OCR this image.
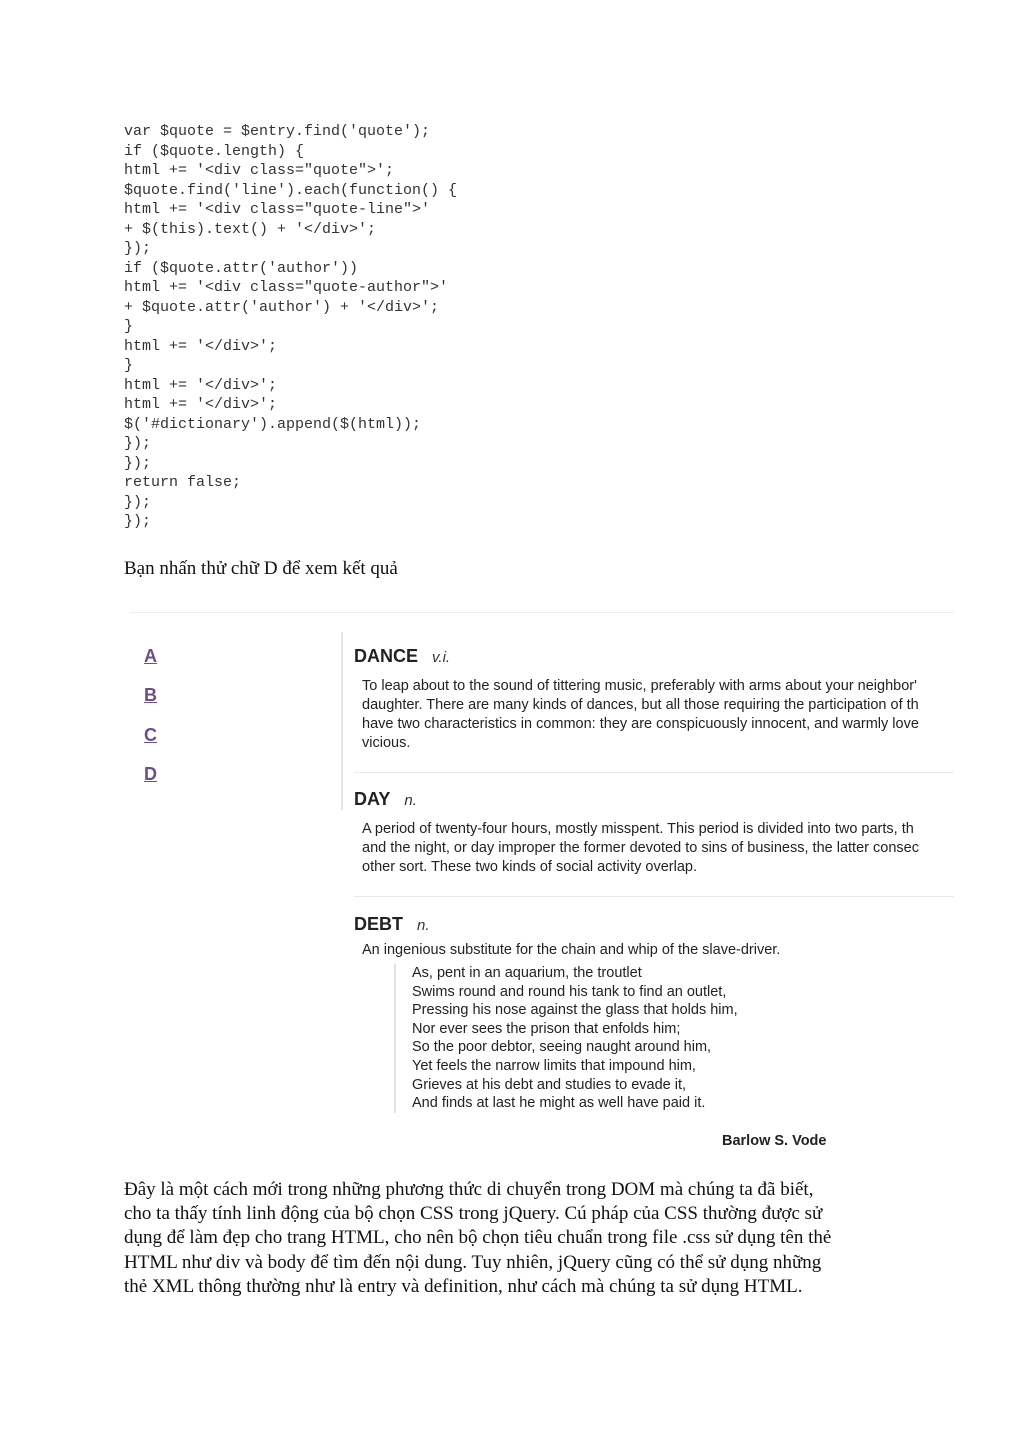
var $quote = $entry.find('quote');
if ($quote.length) {
html += '<div class="quote">';
$quote.find('line').each(function() {
html += '<div class="quote-line">'
+ $(this).text() + '</div>';
});
if ($quote.attr('author'))
html += '<div class="quote-author">'
+ $quote.attr('author') + '</div>';
}
html += '</div>';
}
html += '</div>';
html += '</div>';
$('#dictionary').append($(html));
});
});
return false;
});
});

Bạn nhấn thử chữ D để xem kết quả

A
B
C
D

DANCE v.i.

To leap about to the sound of tittering music, preferably with arms about your neighbor'
daughter. There are many kinds of dances, but all those requiring the participation of th
have two characteristics in common: they are conspicuously innocent, and warmly love
vicious.

DAY n.

A period of twenty-four hours, mostly misspent. This period is divided into two parts, th
and the night, or day improper the former devoted to sins of business, the latter consec
other sort. These two kinds of social activity overlap.

DEBT n.

An ingenious substitute for the chain and whip of the slave-driver.
As, pent in an aquarium, the troutlet
Swims round and round his tank to find an outlet,
Pressing his nose against the glass that holds him,
Nor ever sees the prison that enfolds him;
So the poor debtor, seeing naught around him,
Yet feels the narrow limits that impound him,
Grieves at his debt and studies to evade it,
And finds at last he might as well have paid it.
Barlow S. Vode
Đây là một cách mới trong những phương thức di chuyển trong DOM mà chúng ta đã biết,
cho ta thấy tính linh động của bộ chọn CSS trong jQuery. Cú pháp của CSS thường được sử
dụng để làm đẹp cho trang HTML, cho nên bộ chọn tiêu chuẩn trong file .css sử dụng tên thẻ
HTML như div và body để tìm đến nội dung. Tuy nhiên, jQuery cũng có thể sử dụng những
thẻ XML thông thường như là entry và definition, như cách mà chúng ta sử dụng HTML.
